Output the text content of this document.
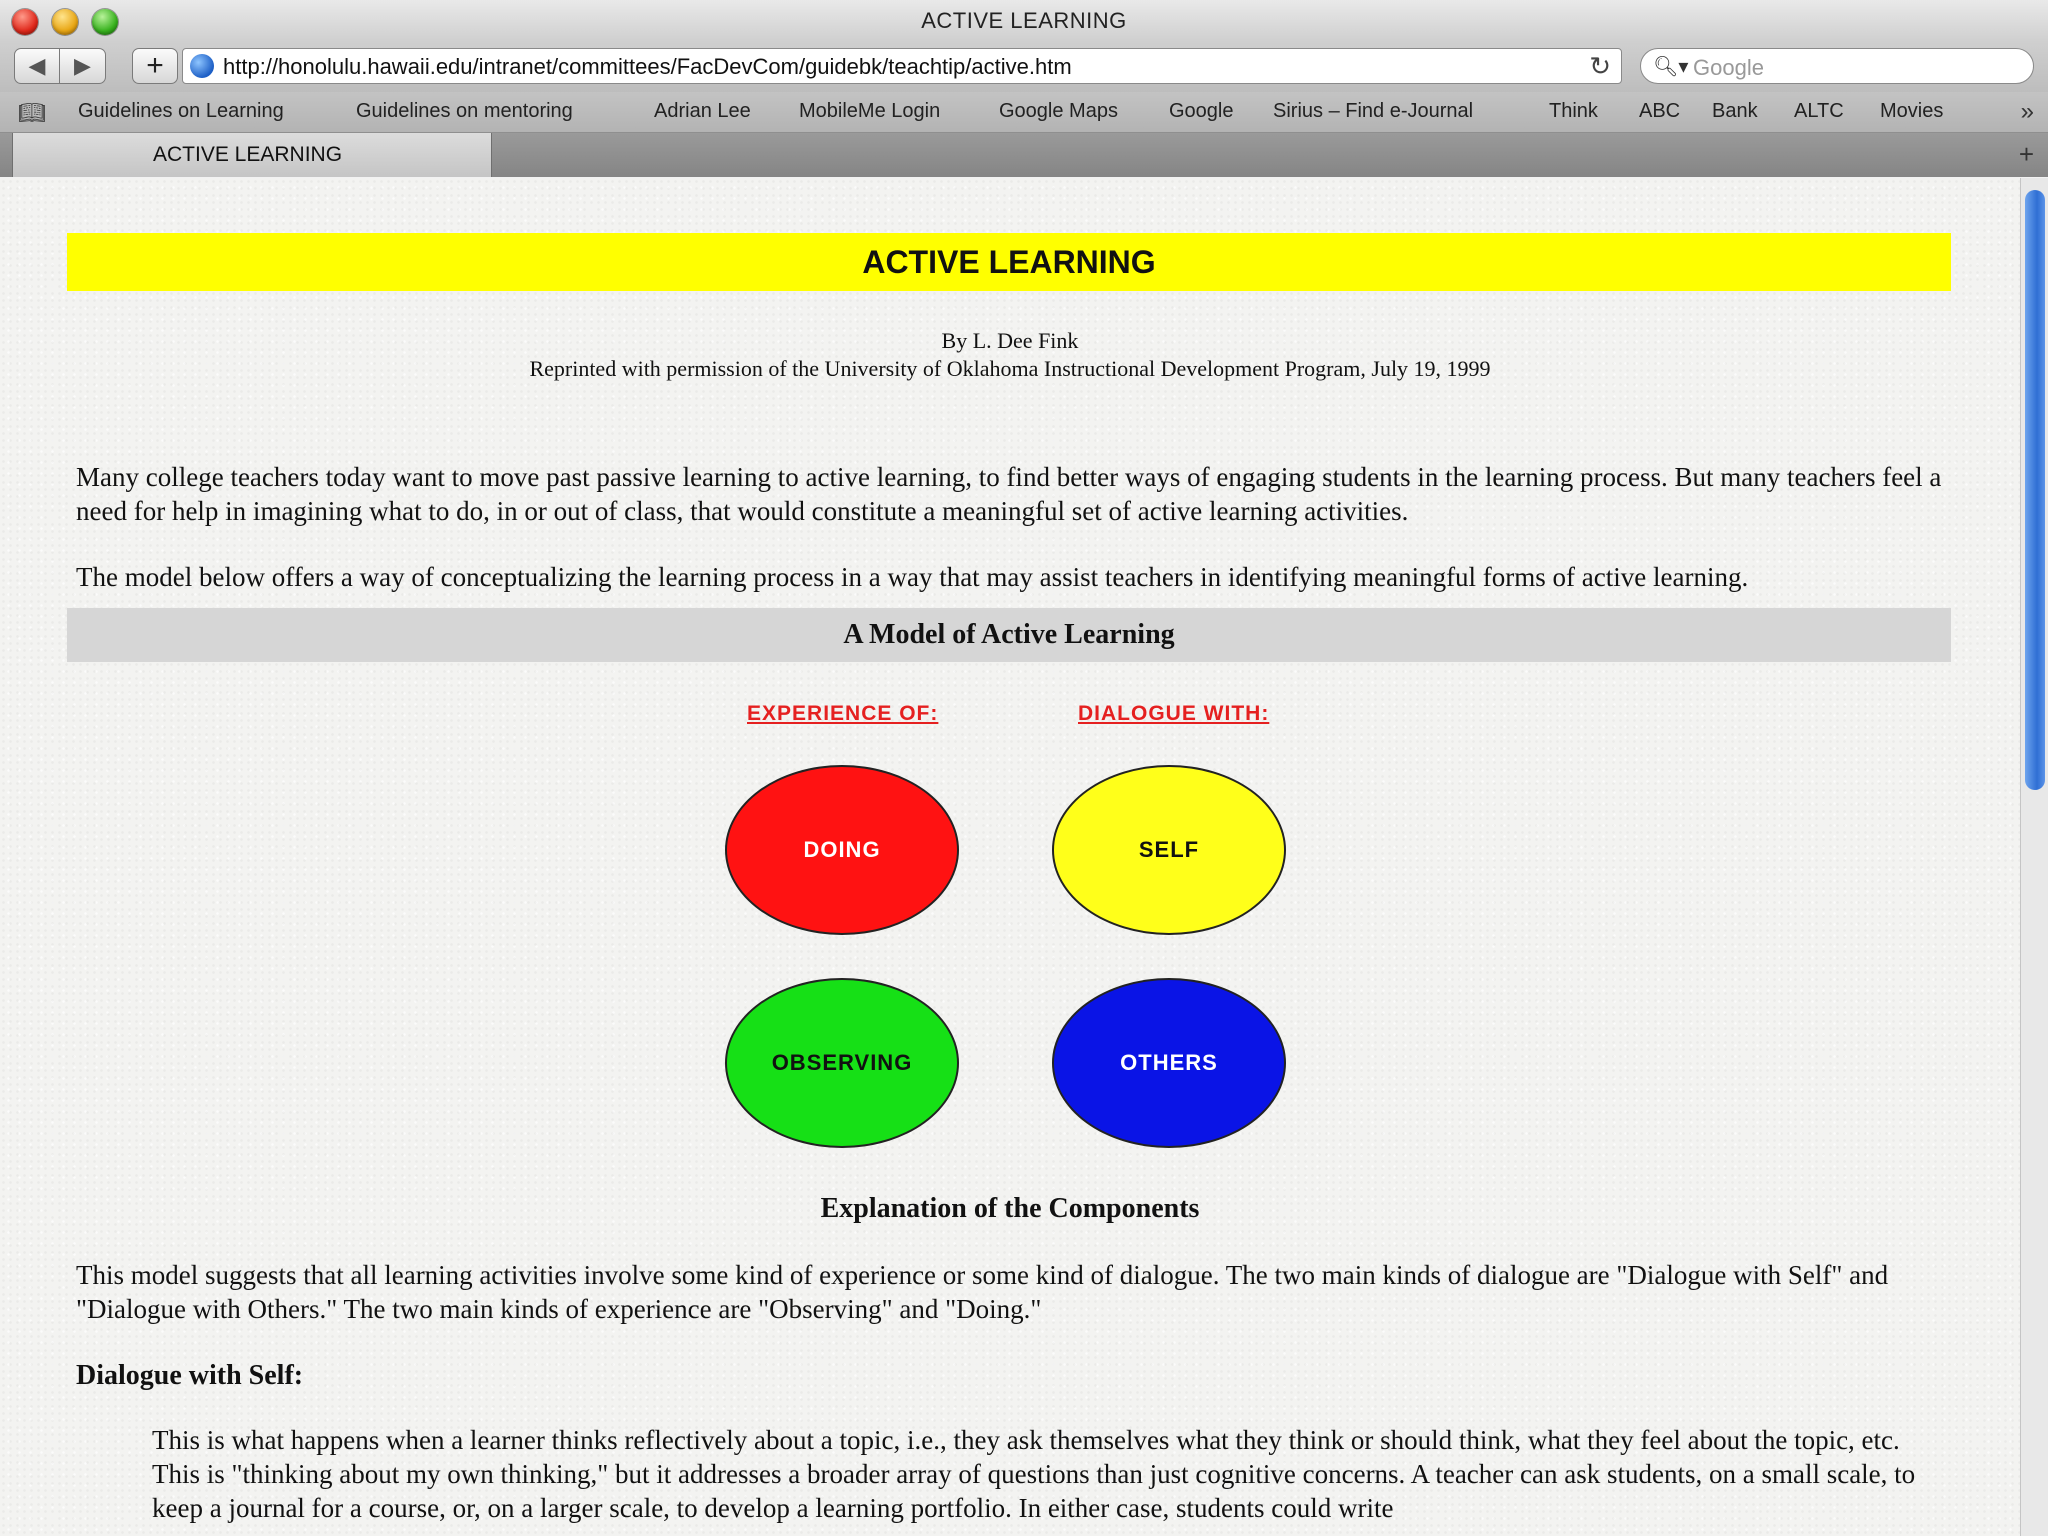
ACTIVE LEARNING
◀ ▶ +	http://honolulu.hawaii.edu/intranet/committees/FacDevCom/guidebk/teachtip/active.htm	↻ 🔍︎▾ Google
📖︎ Guidelines on Learning	Guidelines on mentoring	Adrian Lee MobileMe Login	Google Maps	Google Sirius – Find e-Journal	Think ABC Bank ALTC Movies	»
ACTIVE LEARNING	+
ACTIVE LEARNING
By L. Dee Fink
Reprinted with permission of the University of Oklahoma Instructional Development Program, July 19, 1999
Many college teachers today want to move past passive learning to active learning, to find better ways of engaging students in the learning process. But many teachers feel a need for help in imagining what to do, in or out of class, that would constitute a meaningful set of active learning activities.
The model below offers a way of conceptualizing the learning process in a way that may assist teachers in identifying meaningful forms of active learning.
A Model of Active Learning
EXPERIENCE OF:	DIALOGUE WITH:
DOING	SELF
OBSERVING	OTHERS
Explanation of the Components
This model suggests that all learning activities involve some kind of experience or some kind of dialogue. The two main kinds of dialogue are "Dialogue with Self" and "Dialogue with Others." The two main kinds of experience are "Observing" and "Doing."
Dialogue with Self:
This is what happens when a learner thinks reflectively about a topic, i.e., they ask themselves what they think or should think, what they feel about the topic, etc. This is "thinking about my own thinking," but it addresses a broader array of questions than just cognitive concerns. A teacher can ask students, on a small scale, to keep a journal for a course, or, on a larger scale, to develop a learning portfolio. In either case, students could write
